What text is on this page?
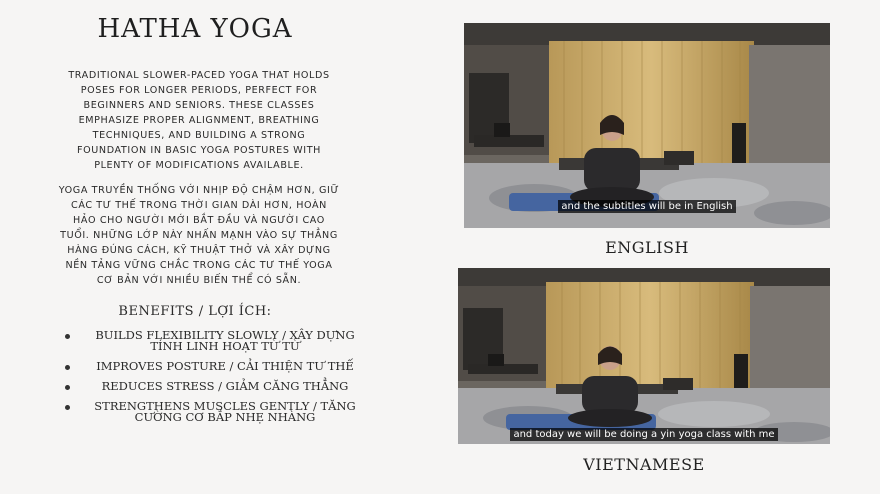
HATHA YOGA
TRADITIONAL SLOWER-PACED YOGA THAT HOLDS POSES FOR LONGER PERIODS, PERFECT FOR BEGINNERS AND SENIORS. THESE CLASSES EMPHASIZE PROPER ALIGNMENT, BREATHING TECHNIQUES, AND BUILDING A STRONG FOUNDATION IN BASIC YOGA POSTURES WITH PLENTY OF MODIFICATIONS AVAILABLE.
YOGA TRUYỀN THỐNG VỚI NHỊP ĐỘ CHẬM HƠN, GIỮ CÁC TƯ THẾ TRONG THỜI GIAN DÀI HƠN, HOÀN HẢO CHO NGƯỜI MỚI BẮT ĐẦU VÀ NGƯỜI CAO TUỔI. NHỮNG LỚP NÀY NHẤN MẠNH VÀO SỰ THẲNG HÀNG ĐÚNG CÁCH, KỸ THUẬT THỞ VÀ XÂY DỰNG NỀN TẢNG VỮNG CHẮC TRONG CÁC TƯ THẾ YOGA CƠ BẢN VỚI NHIỀU BIẾN THỂ CÓ SẴN.
BENEFITS / LỢI ÍCH:
BUILDS FLEXIBILITY SLOWLY / XÂY DỰNG TÍNH LINH HOẠT TỪ TỪ
IMPROVES POSTURE / CẢI THIỆN TƯ THẾ
REDUCES STRESS / GIẢM CĂNG THẲNG
STRENGTHENS MUSCLES GENTLY / TĂNG CƯỜNG CƠ BẮP NHẸ NHÀNG
and the subtitles will be in English
ENGLISH
and today we will be doing a yin yoga class with me
VIETNAMESE
